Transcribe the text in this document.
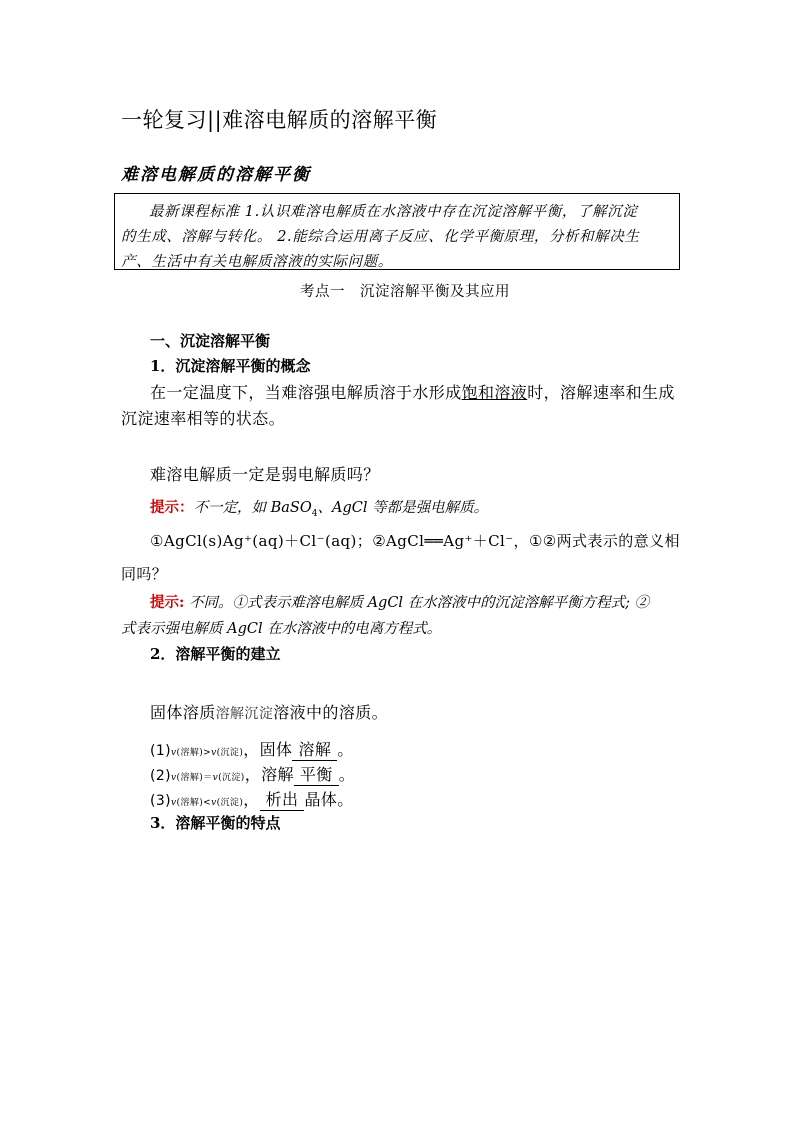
一轮复习||难溶电解质的溶解平衡
难溶电解质的溶解平衡
最新课程标准 1.认识难溶电解质在水溶液中存在沉淀溶解平衡，了解沉淀
的生成、溶解与转化。 2.能综合运用离子反应、化学平衡原理，分析和解决生
产、生活中有关电解质溶液的实际问题。
考点一　沉淀溶解平衡及其应用
一、沉淀溶解平衡
1．沉淀溶解平衡的概念
在一定温度下，当难溶强电解质溶于水形成饱和溶液时，溶解速率和生成
沉淀速率相等的状态。
难溶电解质一定是弱电解质吗？
提示：不一定，如 BaSO$_4$、AgCl 等都是强电解质。
①AgCl(s)Ag⁺(aq)＋Cl⁻(aq)；②AgCl══Ag⁺＋Cl⁻，①②两式表示的意义相
同吗？
提示: 不同。①式表示难溶电解质 AgCl 在水溶液中的沉淀溶解平衡方程式; ②
式表示强电解质 AgCl 在水溶液中的电离方程式。
2．溶解平衡的建立
固体溶质溶解沉淀溶液中的溶质。
(1)v(溶解)>v(沉淀)，固体 溶解 。
(2)v(溶解)＝v(沉淀)，溶解 平衡 。
(3)v(溶解)<v(沉淀)， 析出 晶体。
3．溶解平衡的特点
